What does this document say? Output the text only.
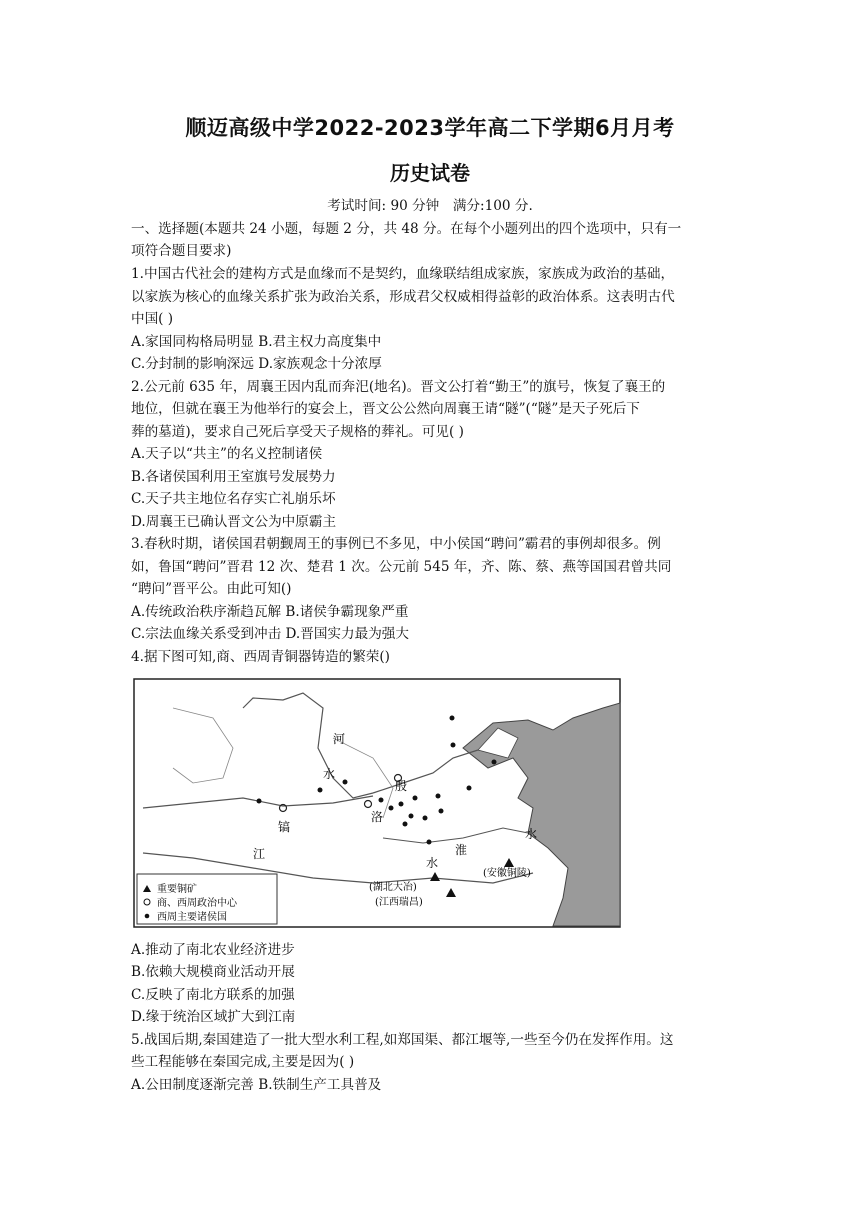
顺迈高级中学2022-2023学年高二下学期6月月考
历史试卷
考试时间: 90 分钟　满分:100 分.
一、选择题(本题共 24 小题，每题 2 分，共 48 分。在每个小题列出的四个选项中，只有一
项符合题目要求)
1.中国古代社会的建构方式是血缘而不是契约，血缘联结组成家族，家族成为政治的基础，
以家族为核心的血缘关系扩张为政治关系，形成君父权威相得益彰的政治体系。这表明古代
中国( )
A.家国同构格局明显 B.君主权力高度集中
C.分封制的影响深远 D.家族观念十分浓厚
2.公元前 635 年，周襄王因内乱而奔汜(地名)。晋文公打着“勤王”的旗号，恢复了襄王的
地位，但就在襄王为他举行的宴会上，晋文公公然向周襄王请“隧”(“隧”是天子死后下
葬的墓道)，要求自己死后享受天子规格的葬礼。可见( )
A.天子以“共主”的名义控制诸侯
B.各诸侯国利用王室旗号发展势力
C.天子共主地位名存实亡礼崩乐坏
D.周襄王已确认晋文公为中原霸主
3.春秋时期，诸侯国君朝觐周王的事例已不多见，中小侯国“聘问”霸君的事例却很多。例
如，鲁国“聘问”晋君 12 次、楚君 1 次。公元前 545 年，齐、陈、蔡、燕等国国君曾共同
“聘问”晋平公。由此可知()
A.传统政治秩序渐趋瓦解 B.诸侯争霸现象严重
C.宗法血缘关系受到冲击 D.晋国实力最为强大
4.据下图可知,商、西周青铜器铸造的繁荣()
河
水
殷
洛
镐	水
淮
江
水
(安徽铜陵)
(湖北大冶)
(江西瑞昌)
重要铜矿
商、西周政治中心
西周主要诸侯国
A.推动了南北农业经济进步
B.依赖大规模商业活动开展
C.反映了南北方联系的加强
D.缘于统治区域扩大到江南
5.战国后期,秦国建造了一批大型水利工程,如郑国渠、都江堰等,一些至今仍在发挥作用。这
些工程能够在秦国完成,主要是因为( )
A.公田制度逐渐完善 B.铁制生产工具普及
